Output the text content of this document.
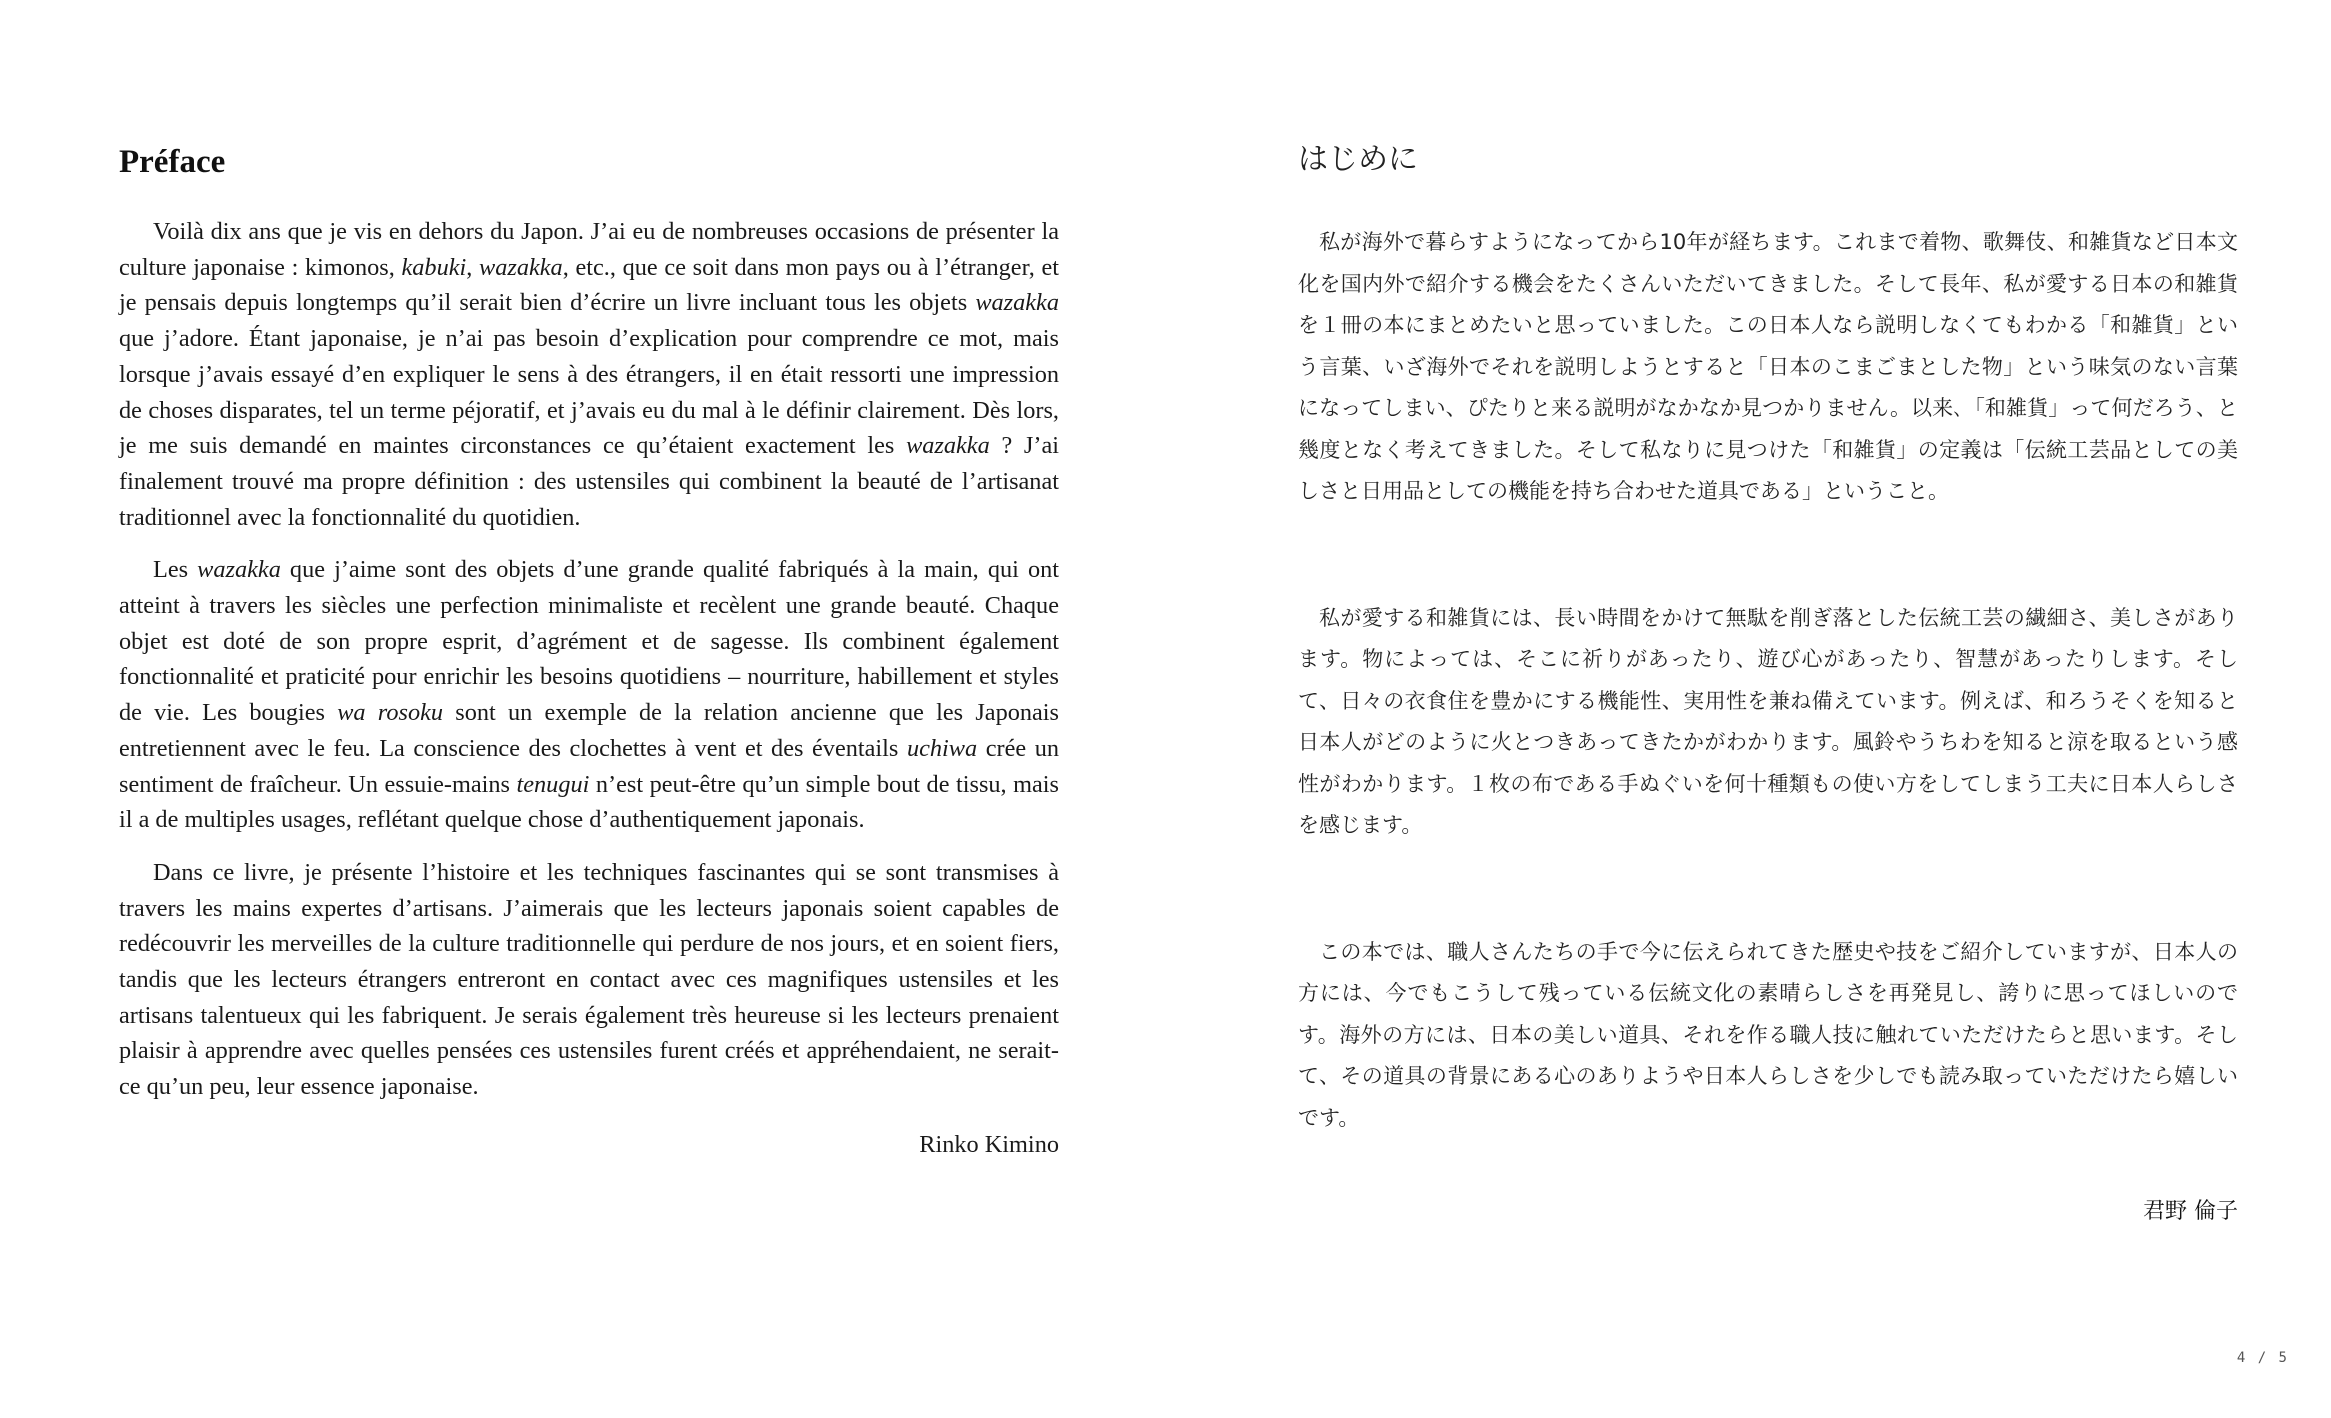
Préface

Voilà dix ans que je vis en dehors du Japon. J’ai eu de nombreuses occasions de présenter la culture japonaise : kimonos, kabuki, wazakka, etc., que ce soit dans mon pays ou à l’étranger, et je pensais depuis longtemps qu’il serait bien d’écrire un livre incluant tous les objets wazakka que j’adore. Étant japonaise, je n’ai pas besoin d’explication pour comprendre ce mot, mais lorsque j’avais essayé d’en expliquer le sens à des étrangers, il en était ressorti une impression de choses disparates, tel un terme péjoratif, et j’avais eu du mal à le définir clairement. Dès lors, je me suis demandé en maintes circonstances ce qu’étaient exactement les wazakka ? J’ai finalement trouvé ma propre définition : des ustensiles qui combinent la beauté de l’artisanat traditionnel avec la fonctionnalité du quotidien.

Les wazakka que j’aime sont des objets d’une grande qualité fabriqués à la main, qui ont atteint à travers les siècles une perfection minimaliste et recèlent une grande beauté. Chaque objet est doté de son propre esprit, d’agrément et de sagesse. Ils combinent également fonctionnalité et praticité pour enrichir les besoins quotidiens – nourriture, habillement et styles de vie. Les bougies wa rosoku sont un exemple de la relation ancienne que les Japonais entretiennent avec le feu. La conscience des clochettes à vent et des éventails uchiwa crée un sentiment de fraîcheur. Un essuie-mains tenugui n’est peut-être qu’un simple bout de tissu, mais il a de multiples usages, reflétant quelque chose d’authentiquement japonais.

Dans ce livre, je présente l’histoire et les techniques fascinantes qui se sont transmises à travers les mains expertes d’artisans. J’aimerais que les lecteurs japonais soient capables de redécouvrir les merveilles de la culture traditionnelle qui perdure de nos jours, et en soient fiers, tandis que les lecteurs étrangers entreront en contact avec ces magnifiques ustensiles et les artisans talentueux qui les fabriquent. Je serais également très heureuse si les lecteurs prenaient plaisir à apprendre avec quelles pensées ces ustensiles furent créés et appréhendaient, ne serait-ce qu’un peu, leur essence japonaise.

Rinko Kimino
はじめに

私が海外で暮らすようになってから10年が経ちます。これまで着物、歌舞伎、和雑貨など日本文化を国内外で紹介する機会をたくさんいただいてきました。そして長年、私が愛する日本の和雑貨を１冊の本にまとめたいと思っていました。この日本人なら説明しなくてもわかる「和雑貨」という言葉、いざ海外でそれを説明しようとすると「日本のこまごまとした物」という味気のない言葉になってしまい、ぴたりと来る説明がなかなか見つかりません。以来､「和雑貨」って何だろう、と幾度となく考えてきました。そして私なりに見つけた「和雑貨」の定義は「伝統工芸品としての美しさと日用品としての機能を持ち合わせた道具である」ということ。

私が愛する和雑貨には、長い時間をかけて無駄を削ぎ落とした伝統工芸の繊細さ、美しさがあります。物によっては、そこに祈りがあったり、遊び心があったり、智慧があったりします。そして、日々の衣食住を豊かにする機能性、実用性を兼ね備えています。例えば、和ろうそくを知ると日本人がどのように火とつきあってきたかがわかります。風鈴やうちわを知ると涼を取るという感性がわかります。１枚の布である手ぬぐいを何十種類もの使い方をしてしまう工夫に日本人らしさを感じます。

この本では、職人さんたちの手で今に伝えられてきた歴史や技をご紹介していますが、日本人の方には、今でもこうして残っている伝統文化の素晴らしさを再発見し、誇りに思ってほしいのです。海外の方には、日本の美しい道具、それを作る職人技に触れていただけたらと思います。そして、その道具の背景にある心のありようや日本人らしさを少しでも読み取っていただけたら嬉しいです。

君野 倫子
4 / 5
